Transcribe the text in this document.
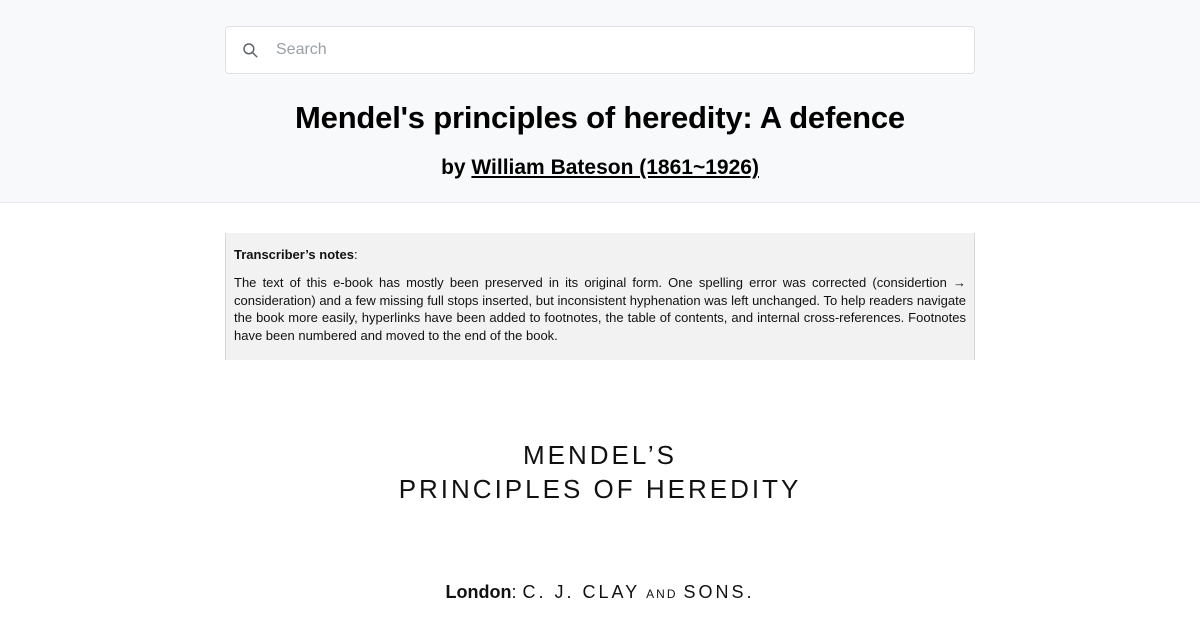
Search
Mendel's principles of heredity: A defence
by William Bateson (1861~1926)
Transcriber’s notes:

The text of this e-book has mostly been preserved in its original form. One spelling error was corrected (considertion → consideration) and a few missing full stops inserted, but inconsistent hyphenation was left unchanged. To help readers navigate the book more easily, hyperlinks have been added to footnotes, the table of contents, and internal cross-references. Footnotes have been numbered and moved to the end of the book.

MENDEL’S
PRINCIPLES OF HEREDITY
London: C. J. CLAY AND SONS.
